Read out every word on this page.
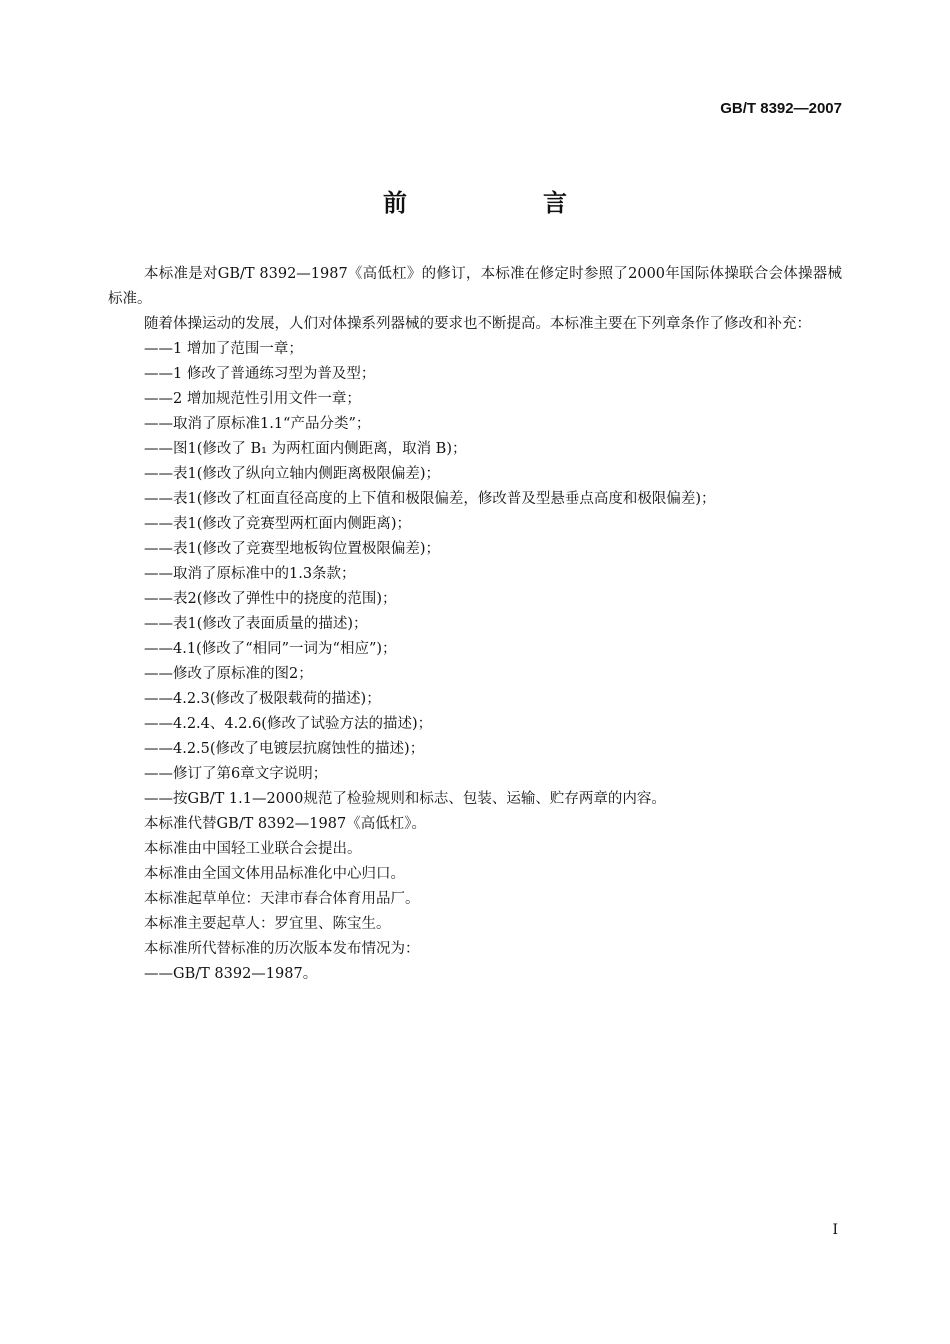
GB/T 8392—2007
前　言

本标准是对GB/T 8392—1987《高低杠》的修订，本标准在修定时参照了2000年国际体操联合会体操器械标准。

随着体操运动的发展，人们对体操系列器械的要求也不断提高。本标准主要在下列章条作了修改和补充：

——1 增加了范围一章；

——1 修改了普通练习型为普及型；

——2 增加规范性引用文件一章；

——取消了原标准1.1“产品分类”；

——图1(修改了 B₁ 为两杠面内侧距离，取消 B)；

——表1(修改了纵向立轴内侧距离极限偏差)；

——表1(修改了杠面直径高度的上下值和极限偏差，修改普及型悬垂点高度和极限偏差)；

——表1(修改了竞赛型两杠面内侧距离)；

——表1(修改了竞赛型地板钩位置极限偏差)；

——取消了原标准中的1.3条款；

——表2(修改了弹性中的挠度的范围)；

——表1(修改了表面质量的描述)；

——4.1(修改了“相同”一词为“相应”)；

——修改了原标准的图2；

——4.2.3(修改了极限载荷的描述)；

——4.2.4、4.2.6(修改了试验方法的描述)；

——4.2.5(修改了电镀层抗腐蚀性的描述)；

——修订了第6章文字说明；

——按GB/T 1.1—2000规范了检验规则和标志、包装、运输、贮存两章的内容。

本标准代替GB/T 8392—1987《高低杠》。

本标准由中国轻工业联合会提出。

本标准由全国文体用品标准化中心归口。

本标准起草单位：天津市春合体育用品厂。

本标准主要起草人：罗宜里、陈宝生。

本标准所代替标准的历次版本发布情况为：

——GB/T 8392—1987。

I
